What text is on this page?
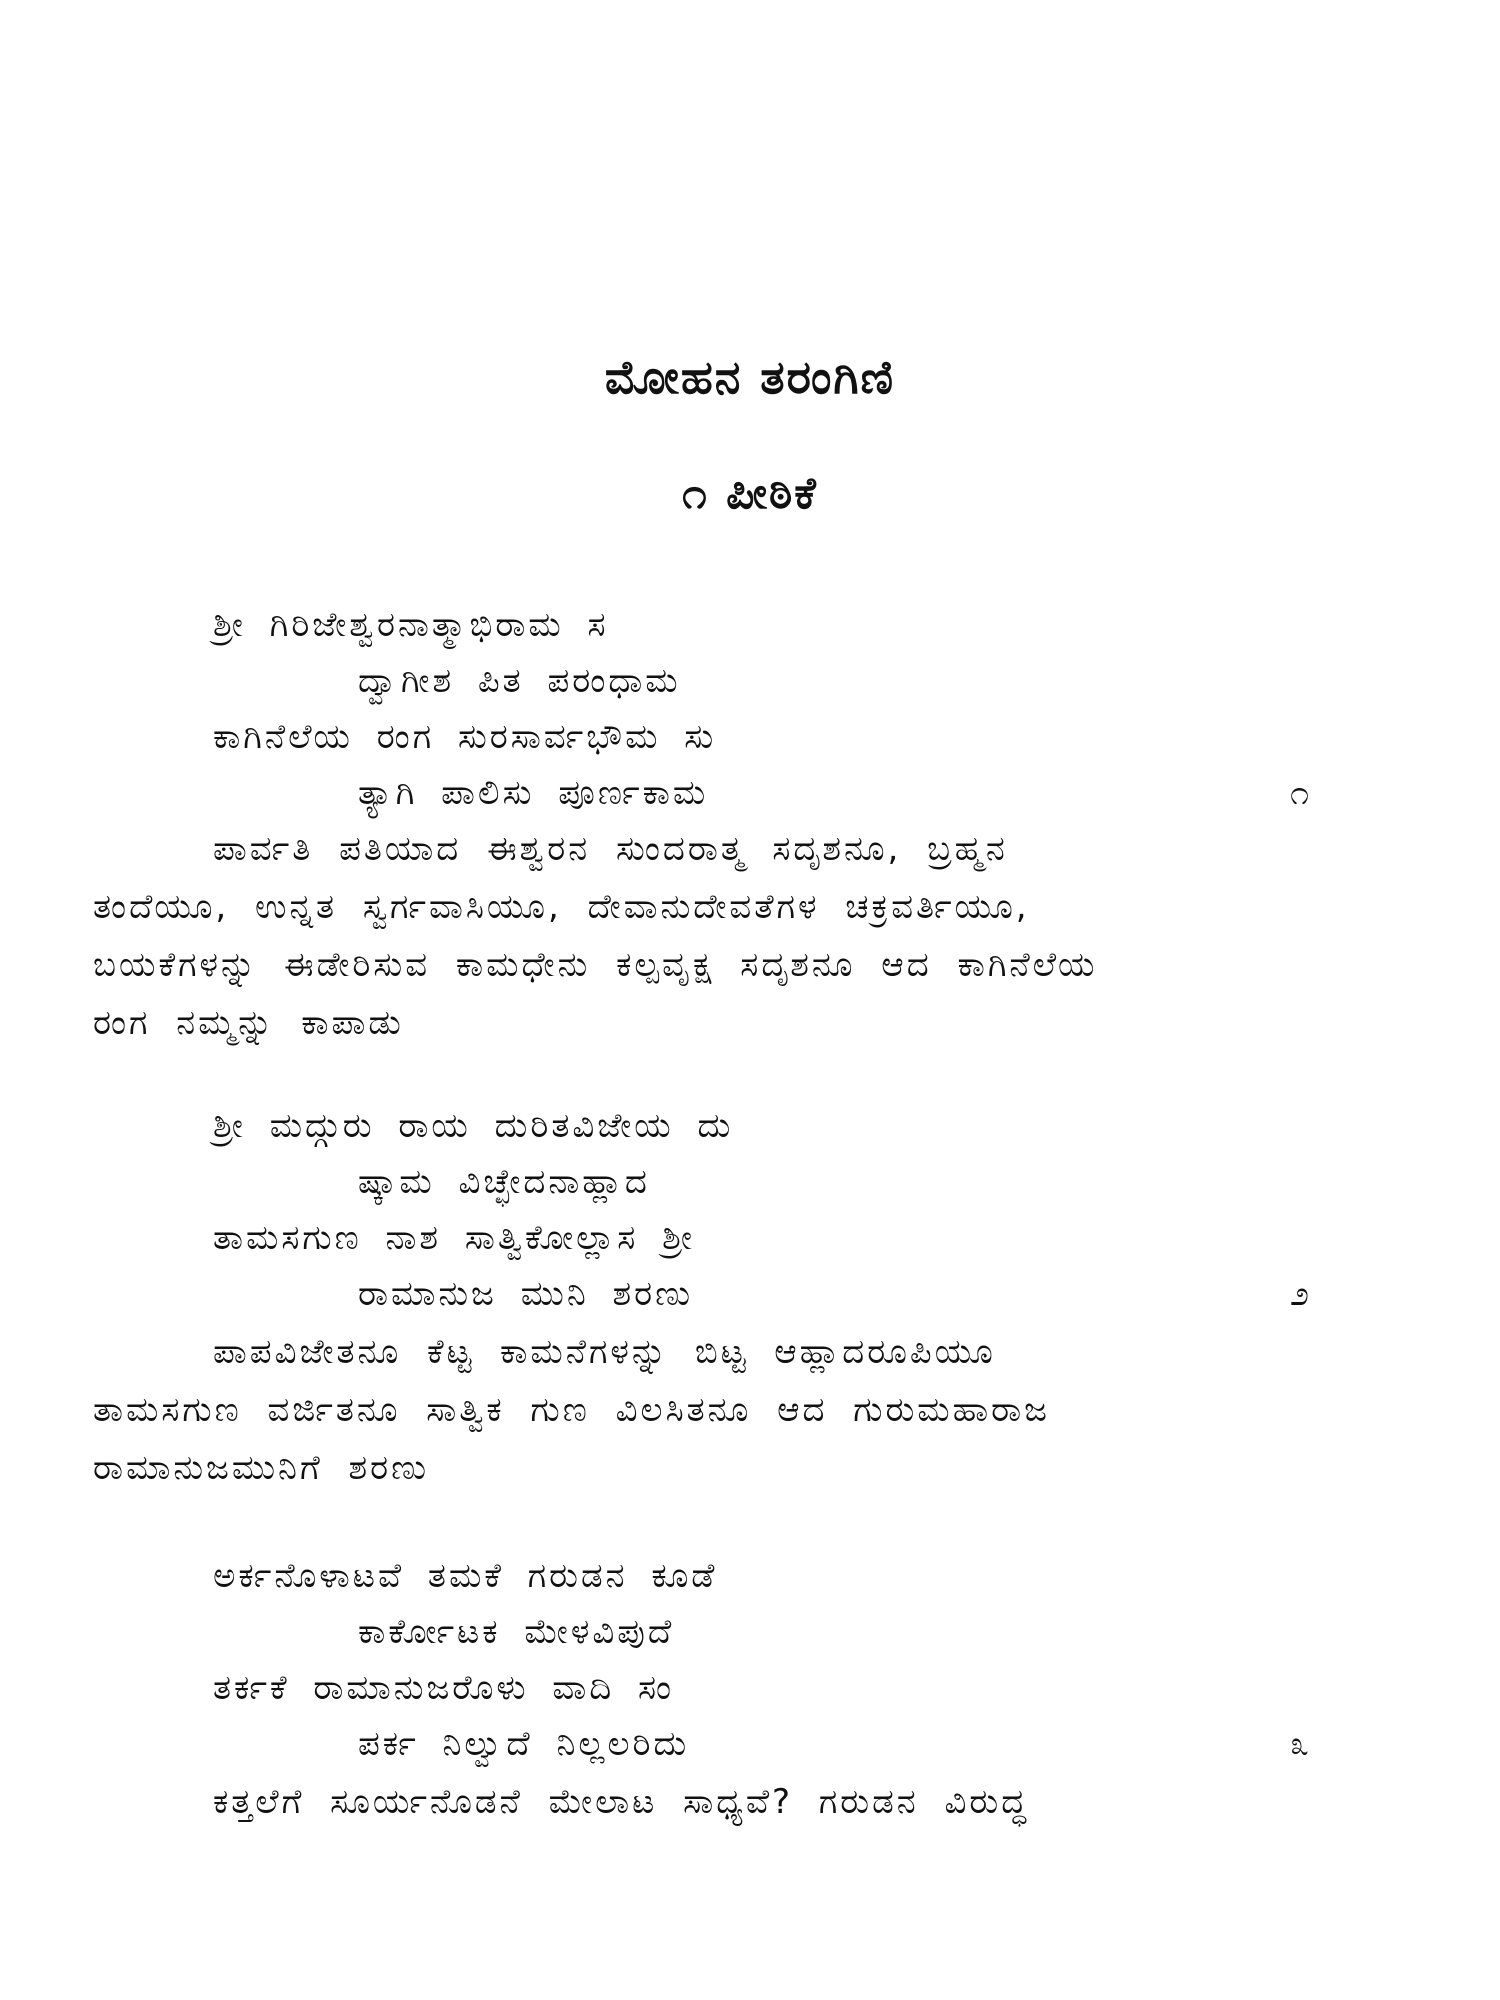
ಮೋಹನ ತರಂಗಿಣಿ
೧ ಪೀಠಿಕೆ
ಶ್ರೀ ಗಿರಿಜೇಶ್ವರನಾತ್ಮಾಭಿರಾಮ ಸ
ದ್ವಾಗೀಶ ಪಿತ ಪರಂಧಾಮ
ಕಾಗಿನೆಲೆಯ ರಂಗ ಸುರಸಾರ್ವಭೌಮ ಸು
ತ್ಯಾಗಿ ಪಾಲಿಸು ಪೂರ್ಣಕಾಮ	೧
ಪಾರ್ವತಿ ಪತಿಯಾದ ಈಶ್ವರನ ಸುಂದರಾತ್ಮ ಸದೃಶನೂ, ಬ್ರಹ್ಮನ
ತಂದೆಯೂ, ಉನ್ನತ ಸ್ವರ್ಗವಾಸಿಯೂ, ದೇವಾನುದೇವತೆಗಳ ಚಕ್ರವರ್ತಿಯೂ,
ಬಯಕೆಗಳನ್ನು ಈಡೇರಿಸುವ ಕಾಮಧೇನು ಕಲ್ಪವೃಕ್ಷ ಸದೃಶನೂ ಆದ ಕಾಗಿನೆಲೆಯ
ರಂಗ ನಮ್ಮನ್ನು ಕಾಪಾಡು
ಶ್ರೀ ಮದ್ಗುರು ರಾಯ ದುರಿತವಿಜೇಯ ದು
ಷ್ಕಾಮ ವಿಚ್ಛೇದನಾಹ್ಲಾದ
ತಾಮಸಗುಣ ನಾಶ ಸಾತ್ವಿಕೋಲ್ಲಾಸ ಶ್ರೀ
ರಾಮಾನುಜ ಮುನಿ ಶರಣು	೨
ಪಾಪವಿಜೇತನೂ ಕೆಟ್ಟ ಕಾಮನೆಗಳನ್ನು ಬಿಟ್ಟ ಆಹ್ಲಾದರೂಪಿಯೂ
ತಾಮಸಗುಣ ವರ್ಜಿತನೂ ಸಾತ್ವಿಕ ಗುಣ ವಿಲಸಿತನೂ ಆದ ಗುರುಮಹಾರಾಜ
ರಾಮಾನುಜಮುನಿಗೆ ಶರಣು
ಅರ್ಕನೊಳಾಟವೆ ತಮಕೆ ಗರುಡನ ಕೂಡೆ
ಕಾರ್ಕೋಟಕ ಮೇಳವಿಪುದೆ
ತರ್ಕಕೆ ರಾಮಾನುಜರೊಳು ವಾದಿ ಸಂ
ಪರ್ಕ ನಿಲ್ವುದೆ ನಿಲ್ಲಲರಿದು	೩
ಕತ್ತಲೆಗೆ ಸೂರ್ಯನೊಡನೆ ಮೇಲಾಟ ಸಾಧ್ಯವೆ? ಗರುಡನ ವಿರುದ್ಧ
